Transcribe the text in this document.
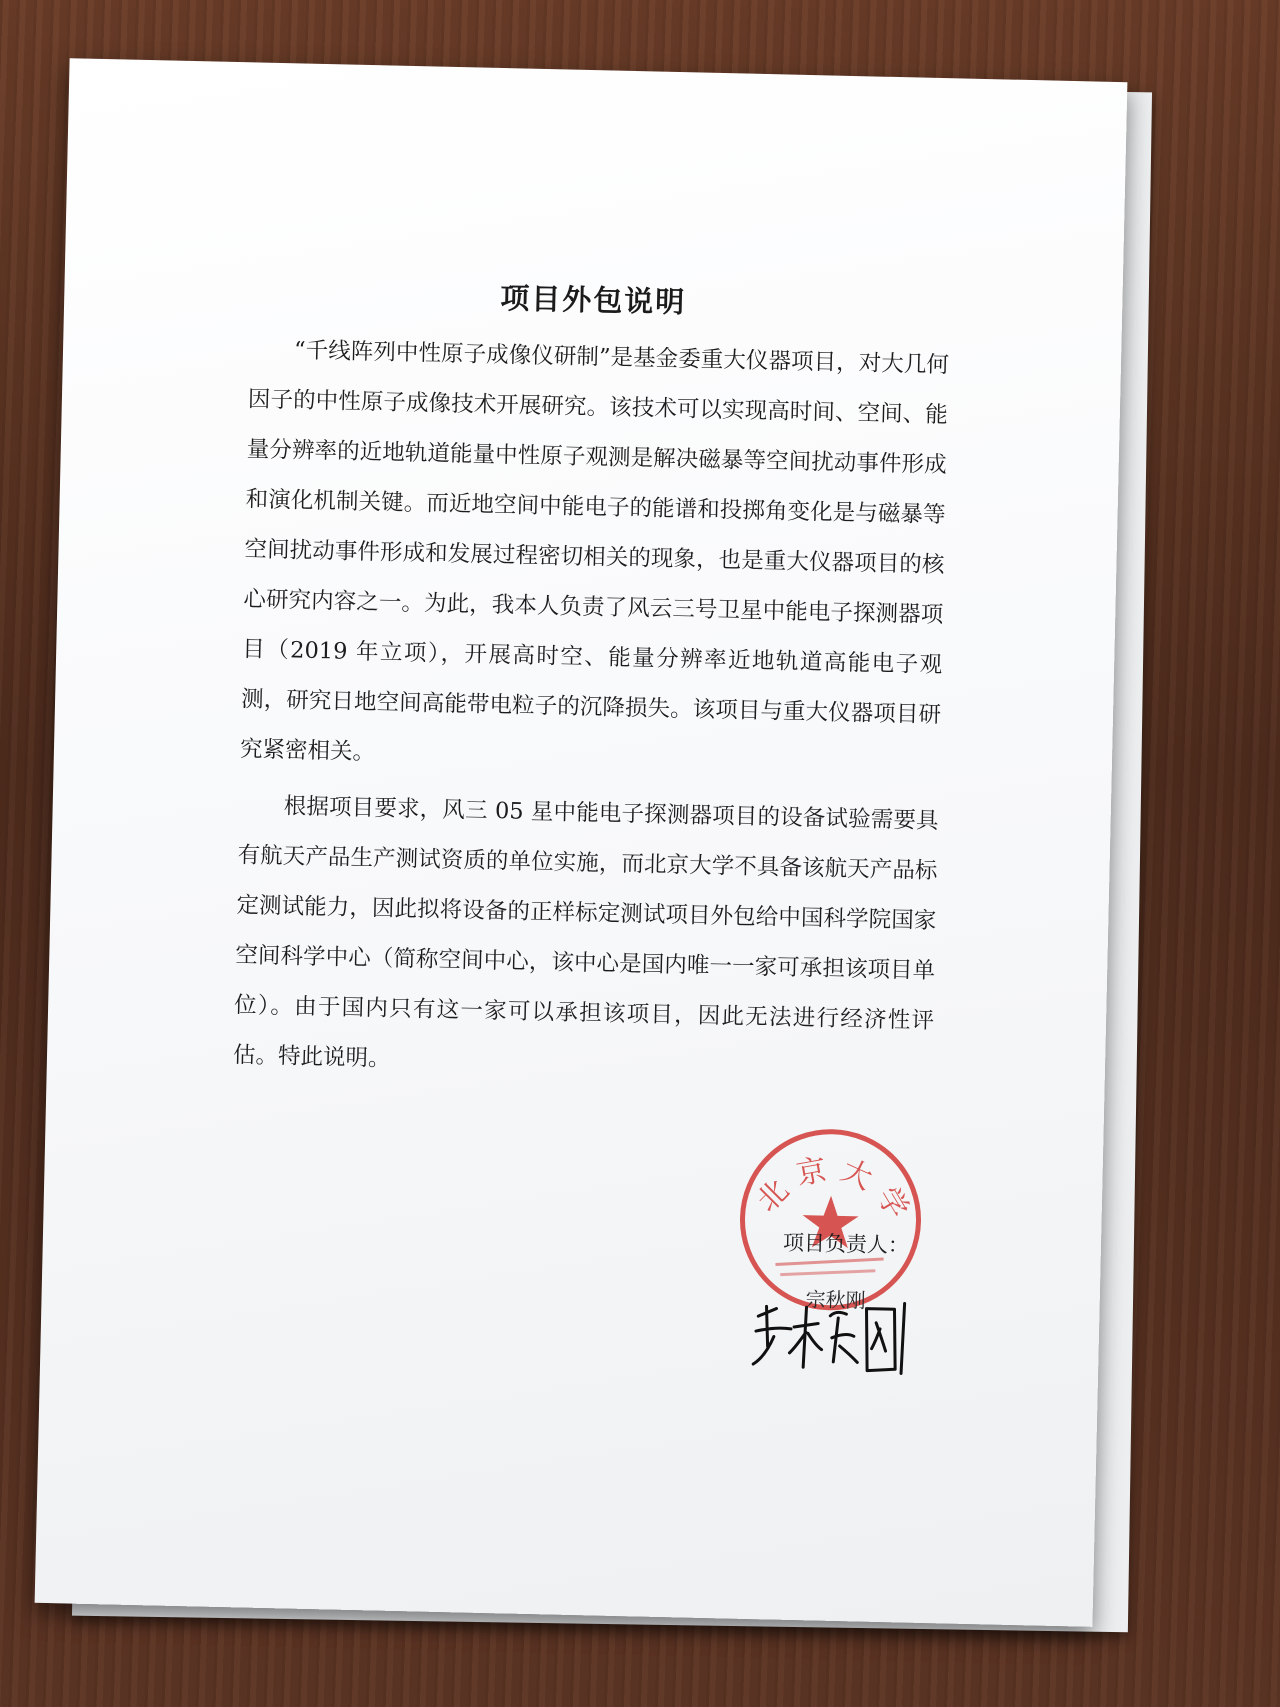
项目外包说明

“千线阵列中性原子成像仪研制”是基金委重大仪器项目，对大几何因子的中性原子成像技术开展研究。该技术可以实现高时间、空间、能量分辨率的近地轨道能量中性原子观测是解决磁暴等空间扰动事件形成和演化机制关键。而近地空间中能电子的能谱和投掷角变化是与磁暴等空间扰动事件形成和发展过程密切相关的现象，也是重大仪器项目的核心研究内容之一。为此，我本人负责了风云三号卫星中能电子探测器项目（2019 年立项），开展高时空、能量分辨率近地轨道高能电子观测，研究日地空间高能带电粒子的沉降损失。该项目与重大仪器项目研究紧密相关。

根据项目要求，风三 05 星中能电子探测器项目的设备试验需要具有航天产品生产测试资质的单位实施，而北京大学不具备该航天产品标定测试能力，因此拟将设备的正样标定测试项目外包给中国科学院国家空间科学中心（简称空间中心，该中心是国内唯一一家可承担该项目单位）。由于国内只有这一家可以承担该项目，因此无法进行经济性评估。特此说明。

北京大学
项目负责人：
宗秋刚
